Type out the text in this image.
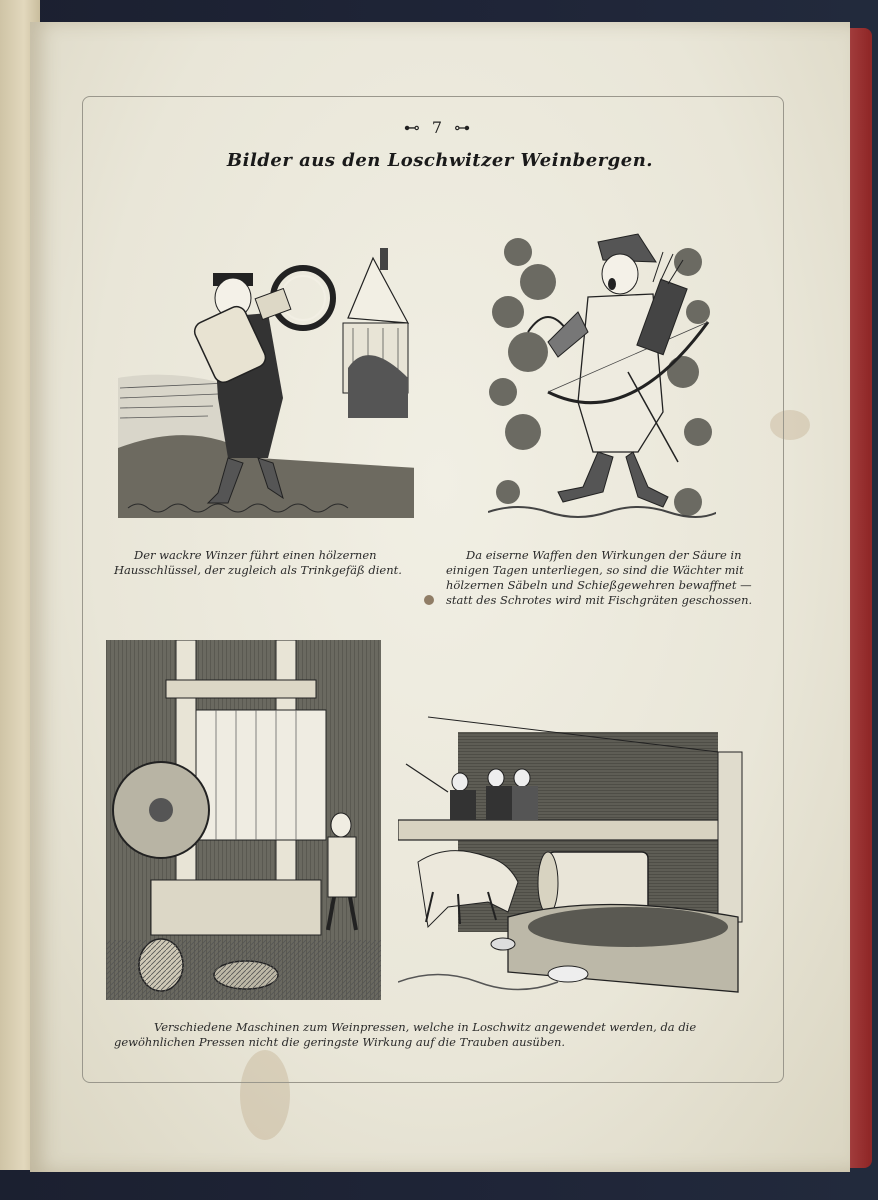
⊷ 7 ⊶
Bilder aus den Loschwitzer Weinbergen.
Der wackre Winzer führt einen hölzernen Hausschlüssel, der zugleich als Trinkgefäß dient.
Da eiserne Waffen den Wirkungen der Säure in einigen Tagen unterliegen, so sind die Wächter mit hölzernen Säbeln und Schießgewehren bewaffnet — statt des Schrotes wird mit Fischgräten geschossen.
Verschiedene Maschinen zum Weinpressen, welche in Loschwitz angewendet werden, da die gewöhnlichen Pressen nicht die geringste Wirkung auf die Trauben ausüben.
